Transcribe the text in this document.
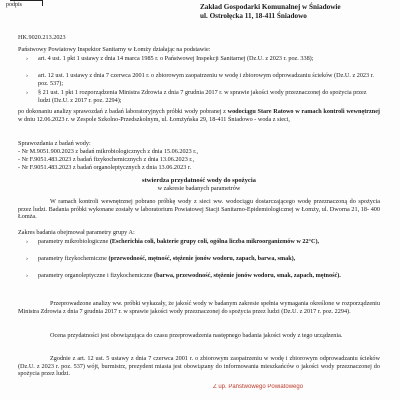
podpis	Zakład Gospodarki Komunalnej w Śniadowie
ul. Ostrołęcka 11, 18-411 Śniadowo
HK.9020.213.2023
Państwowy Powiatowy Inspektor Sanitarny w Łomży działając na podstawie:
› art. 4 ust. 1 pkt 1 ustawy z dnia 14 marca 1985 r. o Państwowej Inspekcji Sanitarnej (Dz.U. z 2023 r. poz. 338);
› art. 12 ust. 1 ustawy z dnia 7 czerwca 2001 r. o zbiorowym zaopatrzeniu w wodę i zbiorowym odprowadzaniu ścieków (Dz.U. z 2023 r. poz. 537);
› § 21 ust. 1 pkt 1 rozporządzenia Ministra Zdrowia z dnia 7 grudnia 2017 r. w sprawie jakości wody przeznaczonej do spożycia przez ludzi (Dz.U. z 2017 r. poz. 2294);
po dokonaniu analizy sprawozdań z badań laboratoryjnych próbki wody pobranej z wodociągu Stare Ratowo w ramach kontroli wewnętrznej w dniu 12.06.2023 r. w Zespole Szkolno-Przedszkolnym, ul. Łomżyńska 29, 18-411 Śniadowo - woda z sieci,
Sprawozdania z badań wody:
- Nr M.9051.900.2023 z badań mikrobiologicznych z dnia 15.06.2023 r.,
- Nr F.9051.483.2023 z badań fizykochemicznych z dnia 13.06.2023 r.,
- Nr F.9051.483.2023 z badań organoleptycznych z dnia 13.06.2023 r.
stwierdza przydatność wody do spożycia
w zakresie badanych parametrów
W ramach kontroli wewnętrznej pobrano próbkę wody z sieci ww. wodociągu dostarczającego wodę przeznaczoną do spożycia przez ludzi. Badania próbki wykonane zostały w laboratorium Powiatowej Stacji Sanitarno-Epidemiologicznej w Łomży, ul. Dworna 21, 18- 400 Łomża.
Zakres badania obejmował parametry grupy A:
› parametry mikrobiologiczne (Escherichia coli, bakterie grupy coli, ogólna liczba mikroorganizmów w 22°C),
› parametry fizykochemiczne (przewodność, mętność, stężenie jonów wodoru, zapach, barwa, smak),
› parametry organoleptyczne i fizykochemiczne (barwa, przewodność, stężenie jonów wodoru, smak, zapach, mętność).
Przeprowadzone analizy ww. próbki wykazały, że jakość wody w badanym zakresie spełnia wymagania określone w rozporządzeniu Ministra Zdrowia z dnia 7 grudnia 2017 r. w sprawie jakości wody przeznaczonej do spożycia przez ludzi (Dz.U. z 2017 r. poz. 2294).
Ocena przydatności jest obowiązująca do czasu przeprowadzenia następnego badania jakości wody z tego urządzenia.
Zgodnie z art. 12 ust. 5 ustawy z dnia 7 czerwca 2001 r. o zbiorowym zaopatrzeniu w wodę i zbiorowym odprowadzaniu ścieków (Dz.U. z 2023 r. poz. 537) wójt, burmistrz, prezydent miasta jest obowiązany do informowania mieszkańców o jakości wody przeznaczonej do spożycia przez ludzi.
Z up. Państwowego Powiatowego
